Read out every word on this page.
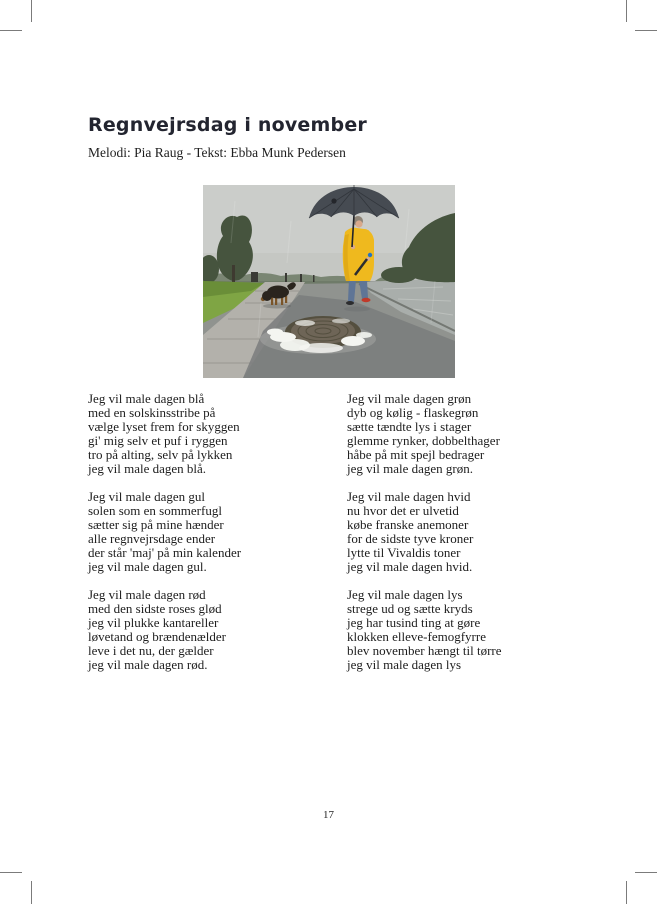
Regnvejrsdag i november

Melodi: Pia Raug - Tekst: Ebba Munk Pedersen

Jeg vil male dagen blå
med en solskinsstribe på
vælge lyset frem for skyggen
gi' mig selv et puf i ryggen
tro på alting, selv på lykken
jeg vil male dagen blå.

Jeg vil male dagen gul
solen som en sommerfugl
sætter sig på mine hænder
alle regnvejrsdage ender
der står 'maj' på min kalender
jeg vil male dagen gul.

Jeg vil male dagen rød
med den sidste roses glød
jeg vil plukke kantareller
løvetand og brændenælder
leve i det nu, der gælder
jeg vil male dagen rød.

Jeg vil male dagen grøn
dyb og kølig - flaskegrøn
sætte tændte lys i stager
glemme rynker, dobbelthager
håbe på mit spejl bedrager
jeg vil male dagen grøn.

Jeg vil male dagen hvid
nu hvor det er ulvetid
købe franske anemoner
for de sidste tyve kroner
lytte til Vivaldis toner
jeg vil male dagen hvid.

Jeg vil male dagen lys
strege ud og sætte kryds
jeg har tusind ting at gøre
klokken elleve-femogfyrre
blev november hængt til tørre
jeg vil male dagen lys

17
